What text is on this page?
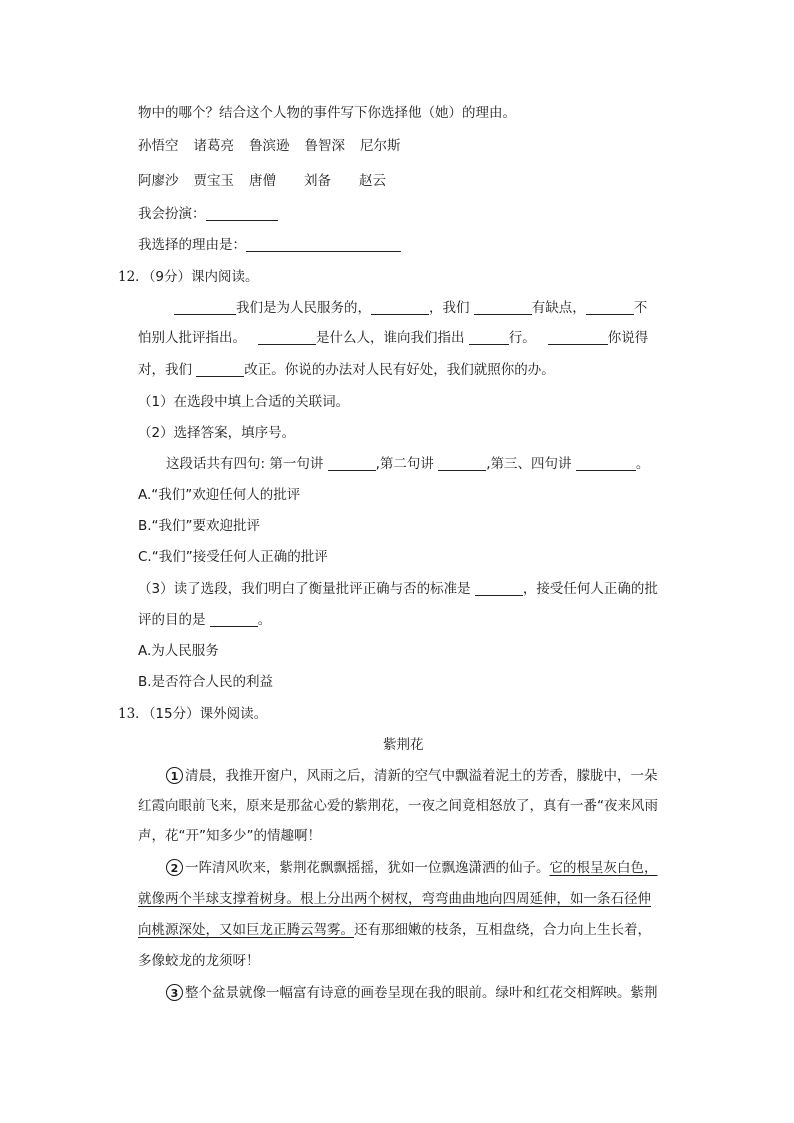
物中的哪个？结合这个人物的事件写下你选择他（她）的理由。
孙悟空 诸葛亮 鲁滨逊 鲁智深 尼尔斯
阿廖沙 贾宝玉 唐僧 刘备 赵云
我会扮演：
我选择的理由是：
12．（9分）课内阅读。
我们是为人民服务的，	，我们	有缺点，	不
怕别人批评指出。	是什么人，谁向我们指出	行。	你说得
对，我们	改正。你说的办法对人民有好处，我们就照你的办。
（1）在选段中填上合适的关联词。
（2）选择答案，填序号。
这段话共有四句: 第一句讲	,第二句讲	,第三、四句讲	。
A.“我们”欢迎任何人的批评
B.“我们”要欢迎批评
C.“我们”接受任何人正确的批评
（3）读了选段，我们明白了衡量批评正确与否的标准是	，接受任何人正确的批
评的目的是	。
A.为人民服务
B.是否符合人民的利益
13．（15分）课外阅读。
紫荆花
1 清晨，我推开窗户，风雨之后，清新的空气中飘溢着泥土的芳香，朦胧中，一朵
红霞向眼前飞来，原来是那盆心爱的紫荆花，一夜之间竟相怒放了，真有一番“夜来风雨
声，花“开”知多少”的情趣啊！
2 一阵清风吹来，紫荆花飘飘摇摇，犹如一位飘逸潇洒的仙子。它的根呈灰白色，
就像两个半球支撑着树身。根上分出两个树杈，弯弯曲曲地向四周延伸，如一条石径伸
向桃源深处，又如巨龙正腾云驾雾。还有那细嫩的枝条，互相盘绕，合力向上生长着，
多像蛟龙的龙须呀！
3 整个盆景就像一幅富有诗意的画卷呈现在我的眼前。绿叶和红花交相辉映。紫荆
